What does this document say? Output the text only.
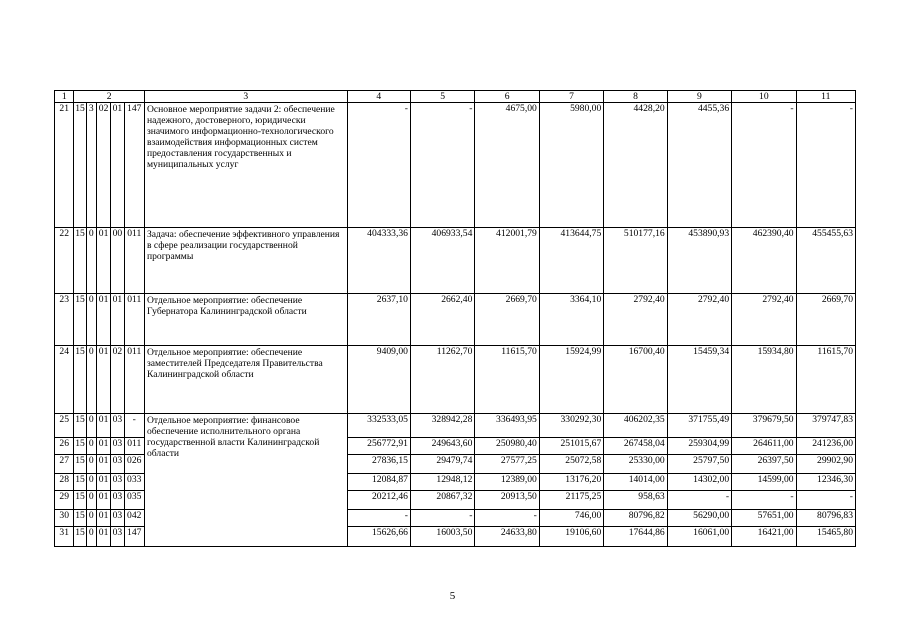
1	2					3	4	5	6	7	8	9	10	11
21	15	3	02	01	147	Основное мероприятие задачи 2: обеспечение надежного, достоверного, юридически значимого информационно-технологического взаимодействия информационных систем предоставления государственных и муниципальных услуг	-	-	4675,00	5980,00	4428,20	4455,36	-	-
22	15	0	01	00	011	Задача: обеспечение эффективного управления в сфере реализации государственной программы	404333,36	406933,54	412001,79	413644,75	510177,16	453890,93	462390,40	455455,63
23	15	0	01	01	011	Отдельное мероприятие: обеспечение Губернатора Калининградской области	2637,10	2662,40	2669,70	3364,10	2792,40	2792,40	2792,40	2669,70
24	15	0	01	02	011	Отдельное мероприятие: обеспечение заместителей Председателя Правительства Калининградской области	9409,00	11262,70	11615,70	15924,99	16700,40	15459,34	15934,80	11615,70
25	15	0	01	03	-	Отдельное мероприятие: финансовое обеспечение исполнительного органа государственной власти Калининградской области	332533,05	328942,28	336493,95	330292,30	406202,35	371755,49	379679,50	379747,83
26	15	0	01	03	011		256772,91	249643,60	250980,40	251015,67	267458,04	259304,99	264611,00	241236,00
27	15	0	01	03	026		27836,15	29479,74	27577,25	25072,58	25330,00	25797,50	26397,50	29902,90
28	15	0	01	03	033		12084,87	12948,12	12389,00	13176,20	14014,00	14302,00	14599,00	12346,30
29	15	0	01	03	035		20212,46	20867,32	20913,50	21175,25	958,63	-	-	-
30	15	0	01	03	042		-	-	-	746,00	80796,82	56290,00	57651,00	80796,83
31	15	0	01	03	147		15626,66	16003,50	24633,80	19106,60	17644,86	16061,00	16421,00	15465,80
5
